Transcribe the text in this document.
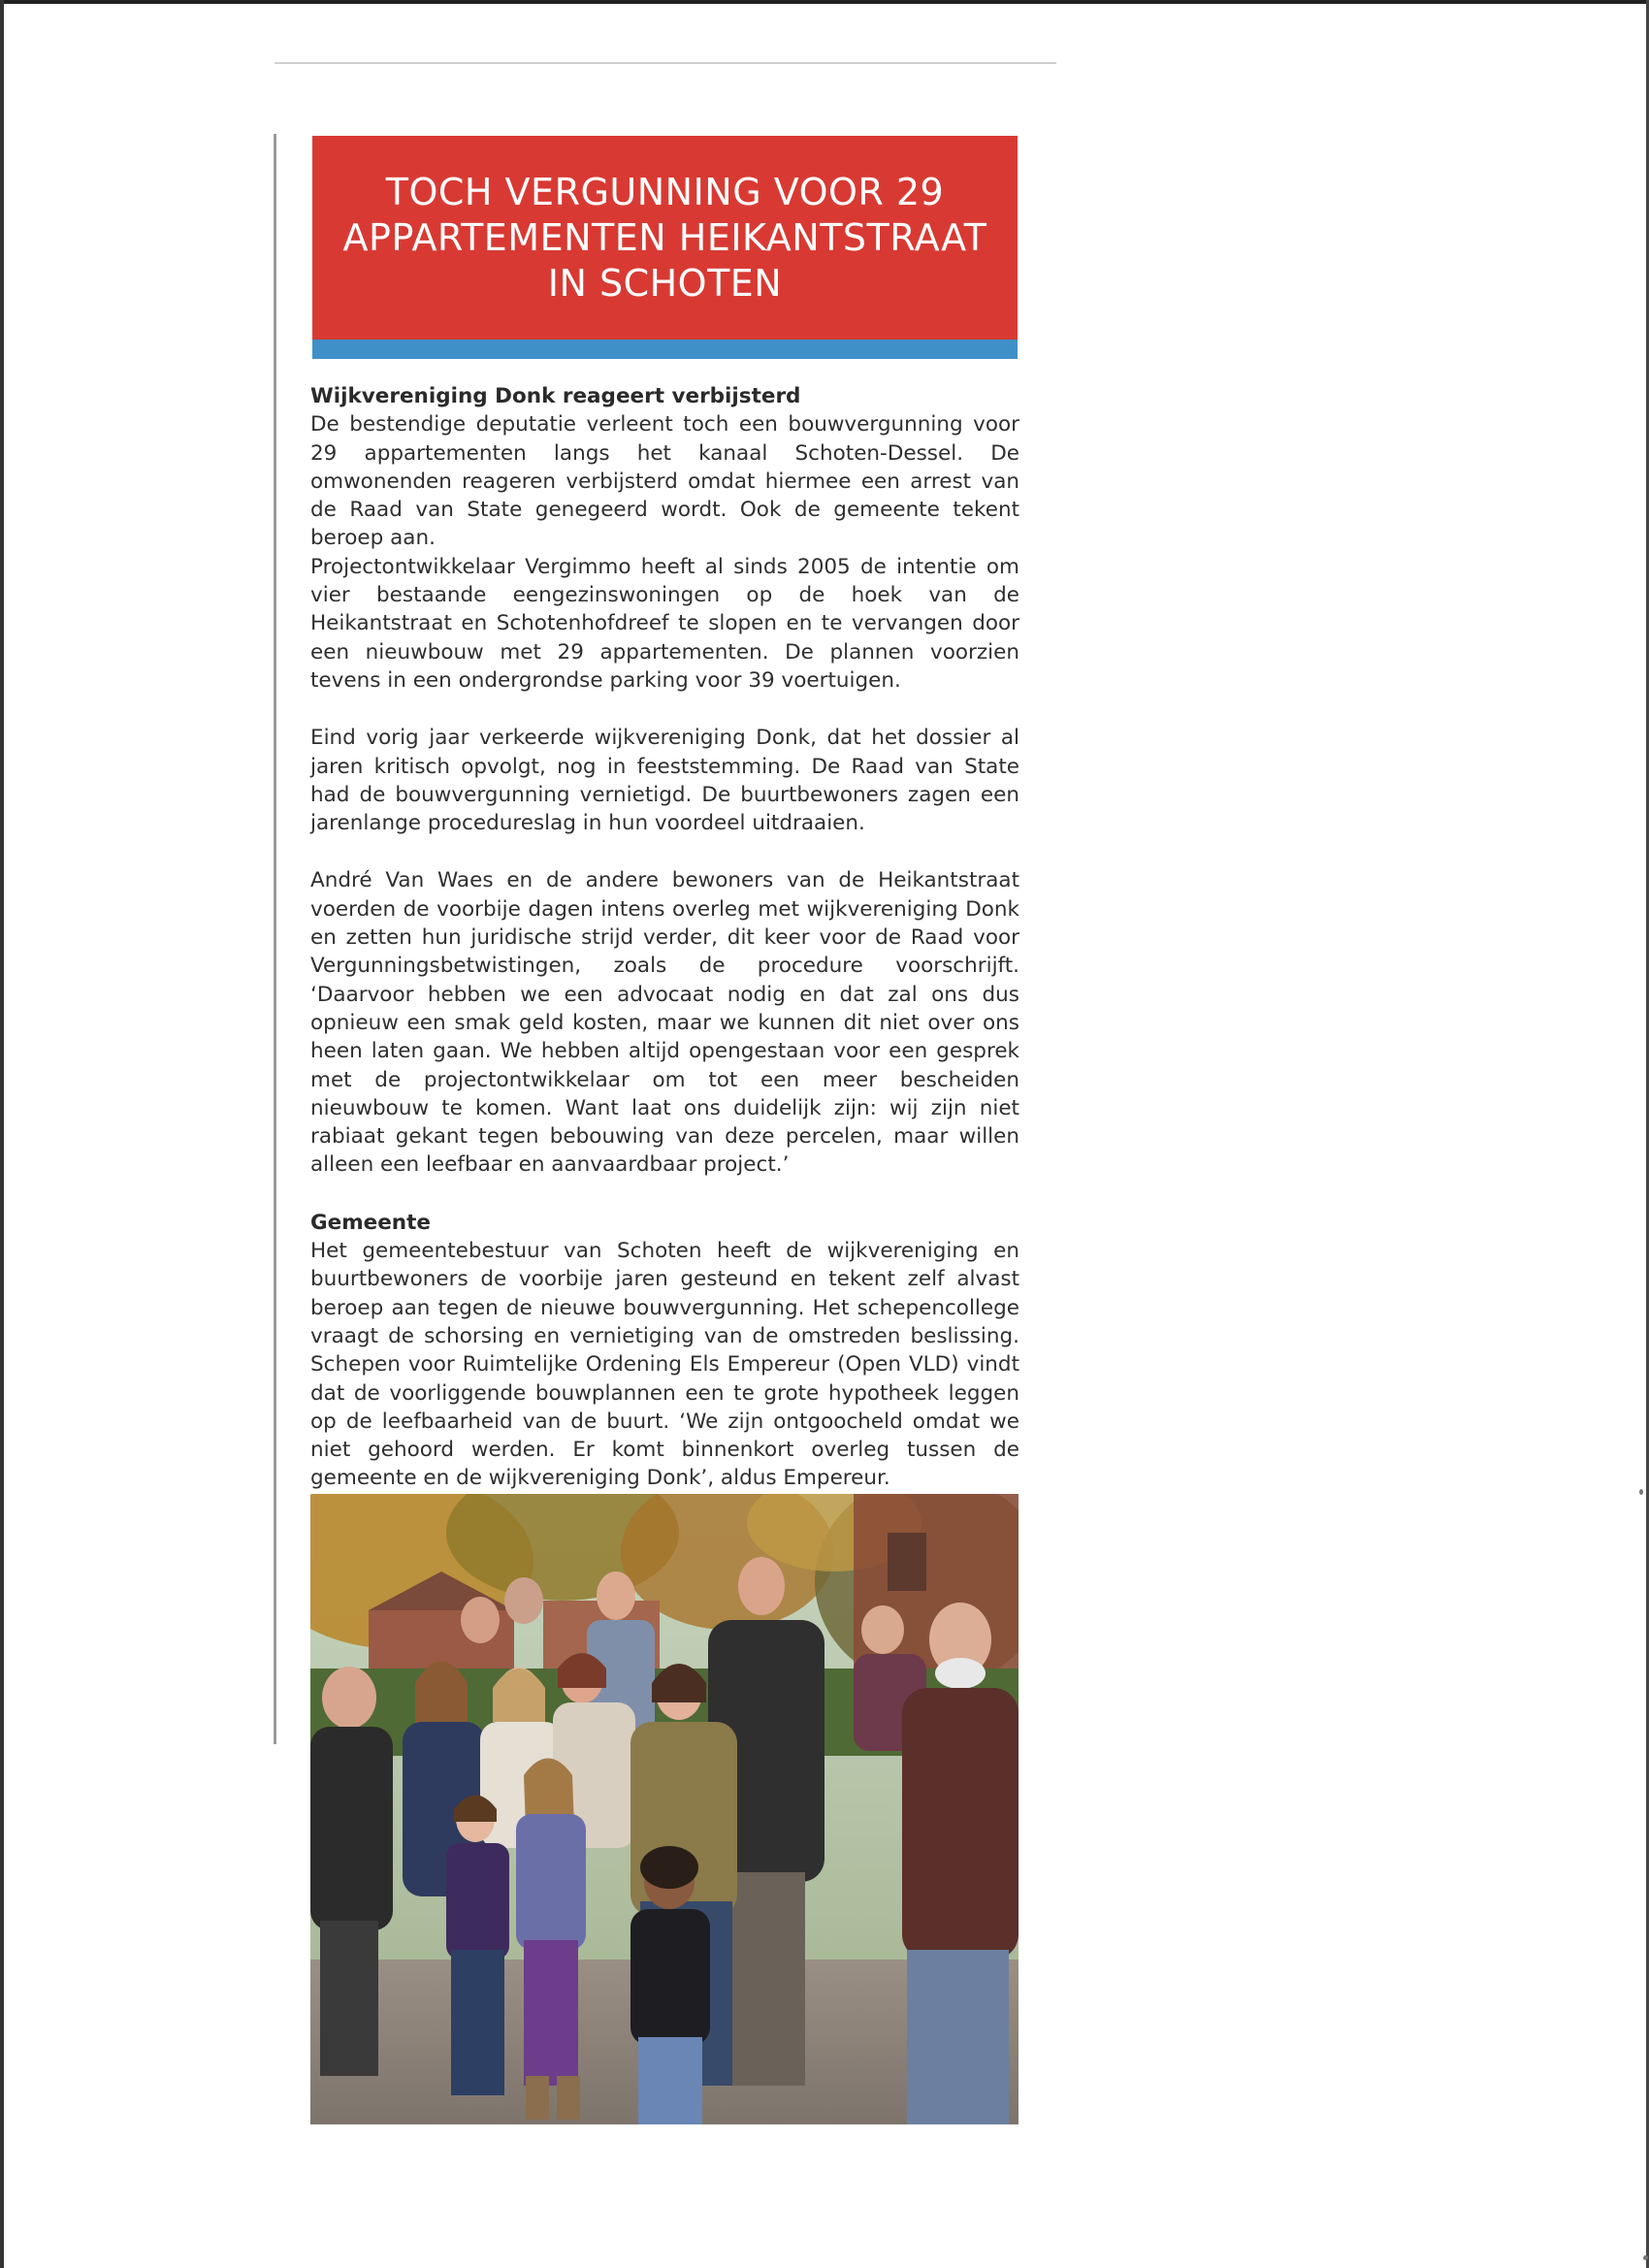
TOCH VERGUNNING VOOR 29
APPARTEMENTEN HEIKANTSTRAAT
IN SCHOTEN
Wijkvereniging Donk reageert verbijsterd

De bestendige deputatie verleent toch een bouwvergunning voor 29 appartementen langs het kanaal Schoten-Dessel. De omwonenden reageren verbijsterd omdat hiermee een arrest van de Raad van State genegeerd wordt. Ook de gemeente tekent beroep aan.

Projectontwikkelaar Vergimmo heeft al sinds 2005 de intentie om vier bestaande eengezinswoningen op de hoek van de Heikantstraat en Schotenhofdreef te slopen en te vervangen door een nieuwbouw met 29 appartementen. De plannen voorzien tevens in een ondergrondse parking voor 39 voertuigen.

Eind vorig jaar verkeerde wijkvereniging Donk, dat het dossier al jaren kritisch opvolgt, nog in feeststemming. De Raad van State had de bouwvergunning vernietigd. De buurtbewoners zagen een jarenlange procedureslag in hun voordeel uitdraaien.

André Van Waes en de andere bewoners van de Heikantstraat voerden de voorbije dagen intens overleg met wijkvereniging Donk en zetten hun juridische strijd verder, dit keer voor de Raad voor Vergunningsbetwistingen, zoals de procedure voorschrijft. ‘Daarvoor hebben we een advocaat nodig en dat zal ons dus opnieuw een smak geld kosten, maar we kunnen dit niet over ons heen laten gaan. We hebben altijd opengestaan voor een gesprek met de projectontwikkelaar om tot een meer bescheiden nieuwbouw te komen. Want laat ons duidelijk zijn: wij zijn niet rabiaat gekant tegen bebouwing van deze percelen, maar willen alleen een leefbaar en aanvaardbaar project.’

Gemeente

Het gemeentebestuur van Schoten heeft de wijkvereniging en buurtbewoners de voorbije jaren gesteund en tekent zelf alvast beroep aan tegen de nieuwe bouwvergunning. Het schepencollege vraagt de schorsing en vernietiging van de omstreden beslissing. Schepen voor Ruimtelijke Ordening Els Empereur (Open VLD) vindt dat de voorliggende bouwplannen een te grote hypotheek leggen op de leefbaarheid van de buurt. ‘We zijn ontgoocheld omdat we niet gehoord werden. Er komt binnenkort overleg tussen de gemeente en de wijkvereniging Donk’, aldus Empereur.
